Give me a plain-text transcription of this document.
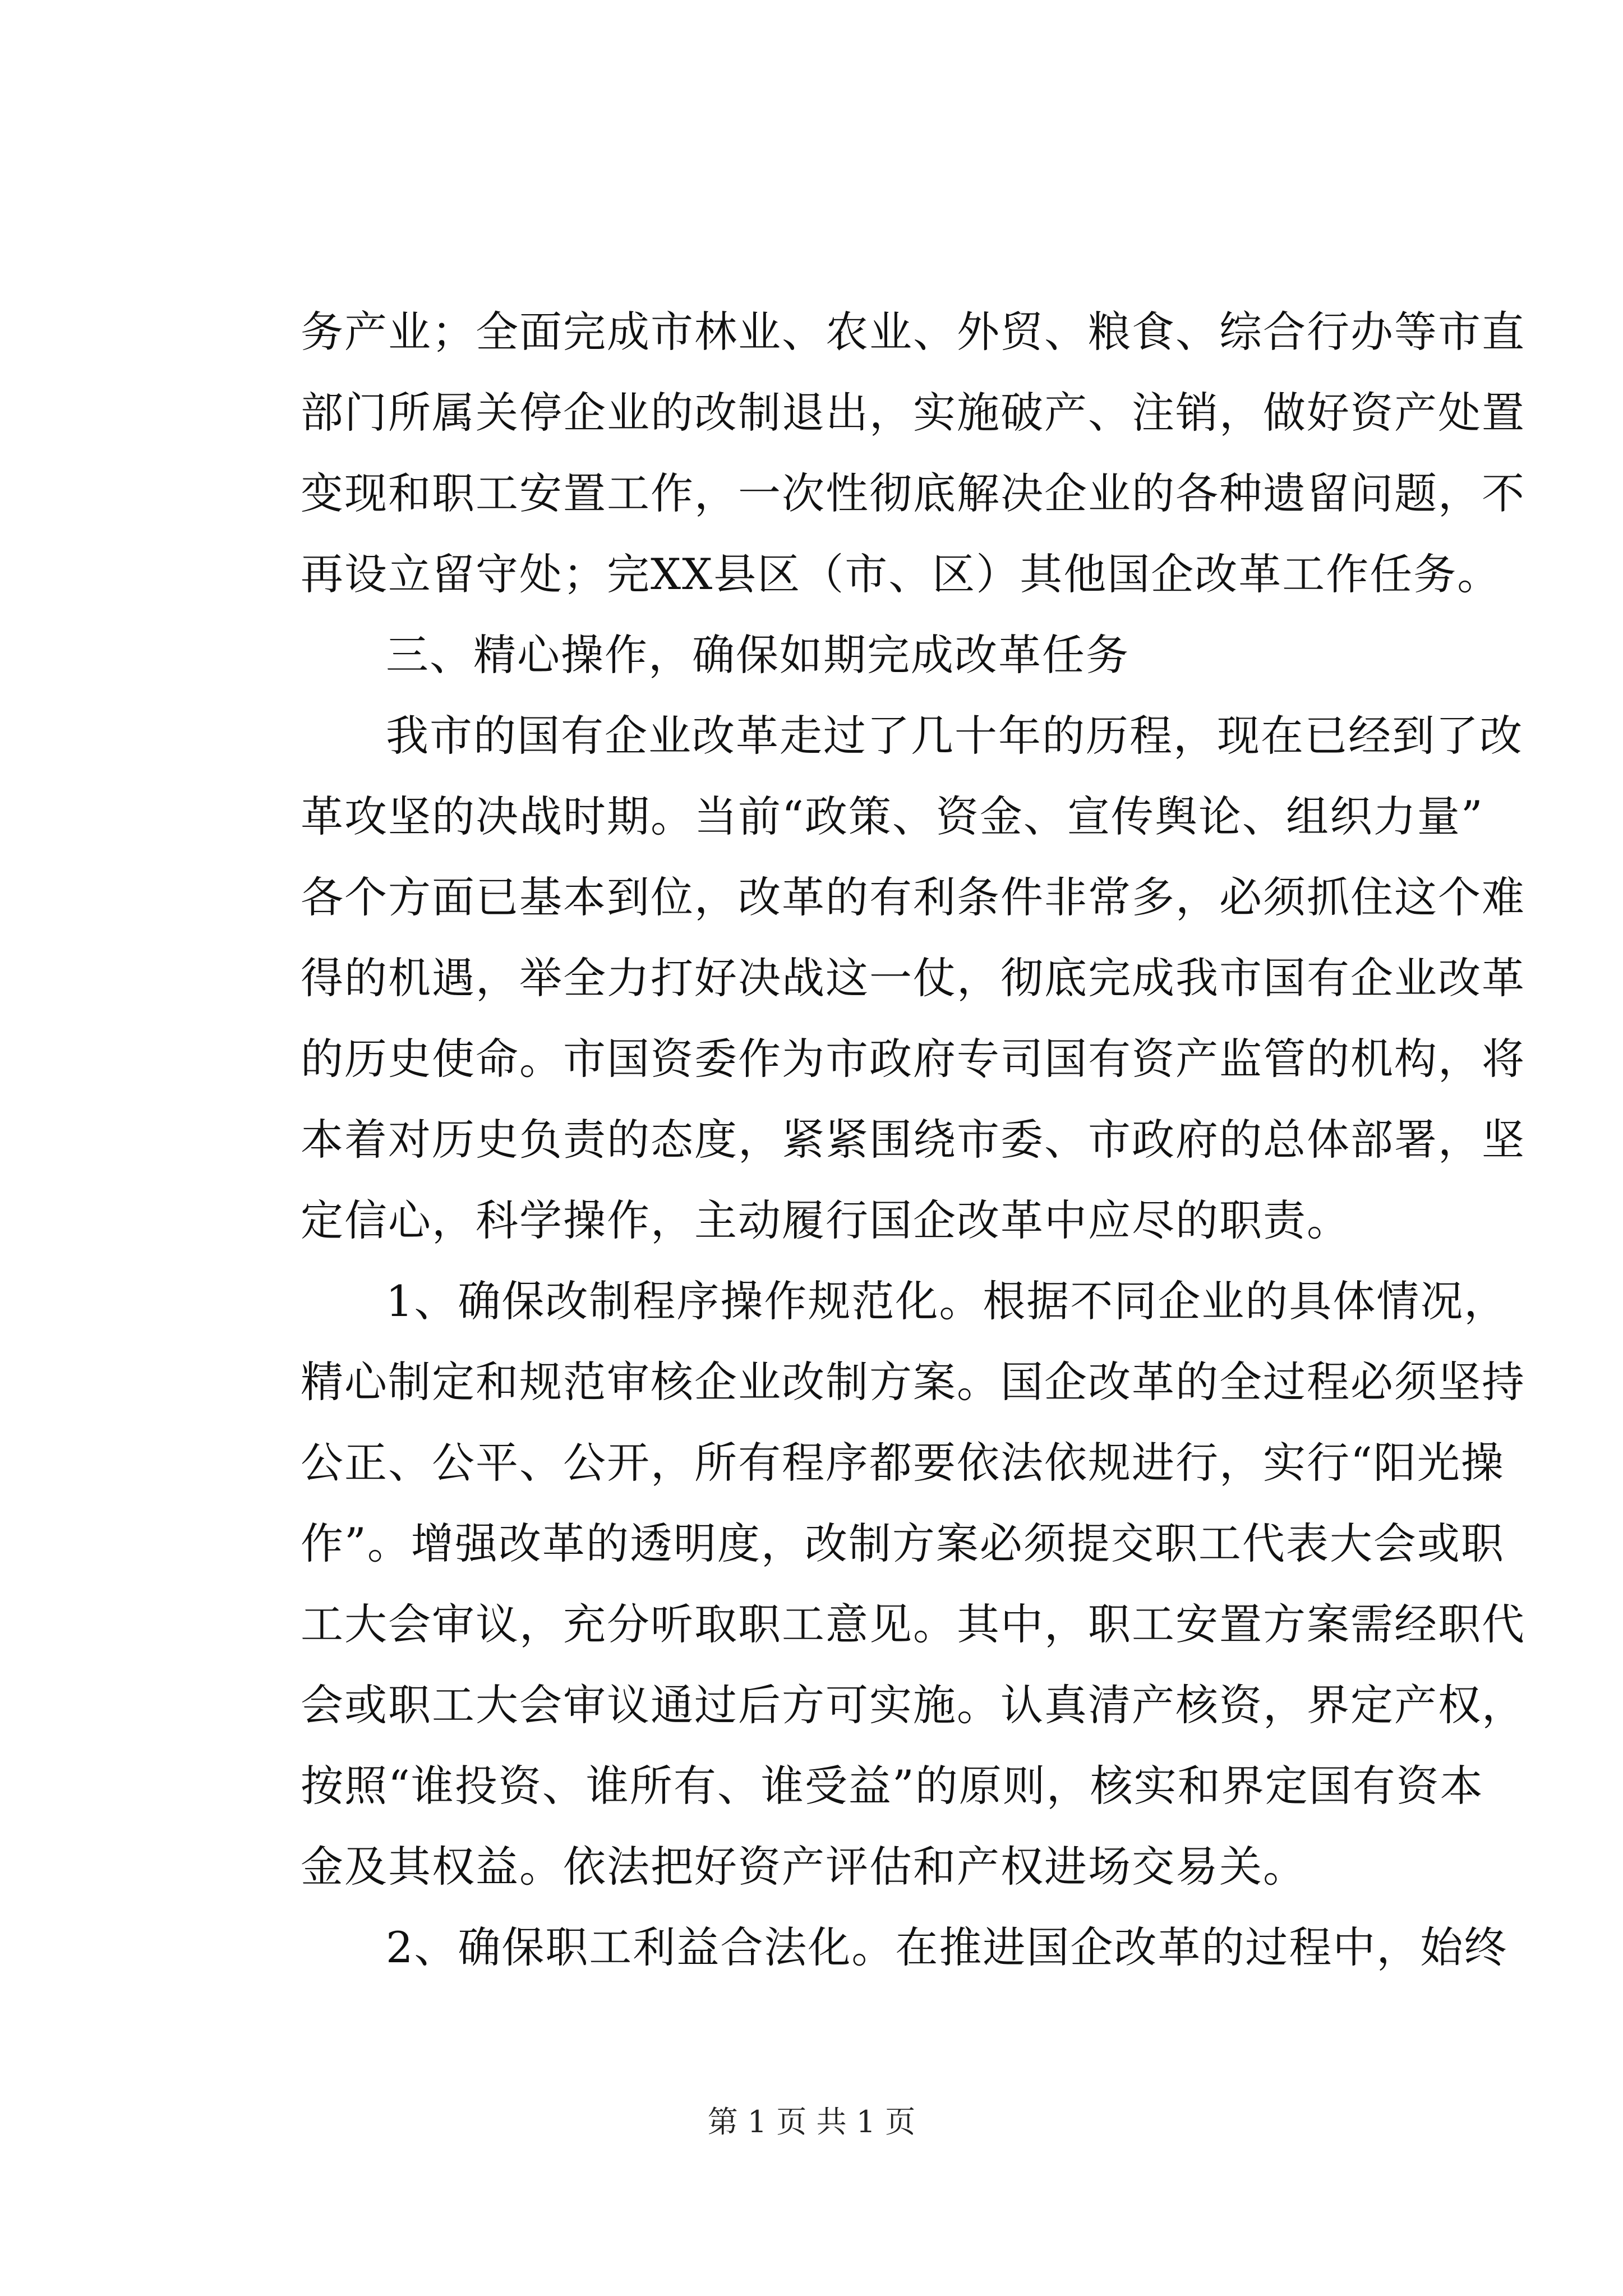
务产业；全面完成市林业、农业、外贸、粮食、综合行办等市直
部门所属关停企业的改制退出，实施破产、注销，做好资产处置
变现和职工安置工作，一次性彻底解决企业的各种遗留问题，不
再设立留守处；完XX县区（市、区）其他国企改革工作任务。
三、精心操作，确保如期完成改革任务
我市的国有企业改革走过了几十年的历程，现在已经到了改
革攻坚的决战时期。当前“政策、资金、宣传舆论、组织力量”
各个方面已基本到位，改革的有利条件非常多，必须抓住这个难
得的机遇，举全力打好决战这一仗，彻底完成我市国有企业改革
的历史使命。市国资委作为市政府专司国有资产监管的机构，将
本着对历史负责的态度，紧紧围绕市委、市政府的总体部署，坚
定信心，科学操作，主动履行国企改革中应尽的职责。
1、确保改制程序操作规范化。根据不同企业的具体情况，
精心制定和规范审核企业改制方案。国企改革的全过程必须坚持
公正、公平、公开，所有程序都要依法依规进行，实行“阳光操
作”。增强改革的透明度，改制方案必须提交职工代表大会或职
工大会审议，充分听取职工意见。其中，职工安置方案需经职代
会或职工大会审议通过后方可实施。认真清产核资，界定产权，
按照“谁投资、谁所有、谁受益”的原则，核实和界定国有资本
金及其权益。依法把好资产评估和产权进场交易关。
2、确保职工利益合法化。在推进国企改革的过程中，始终
第 1 页 共 1 页
